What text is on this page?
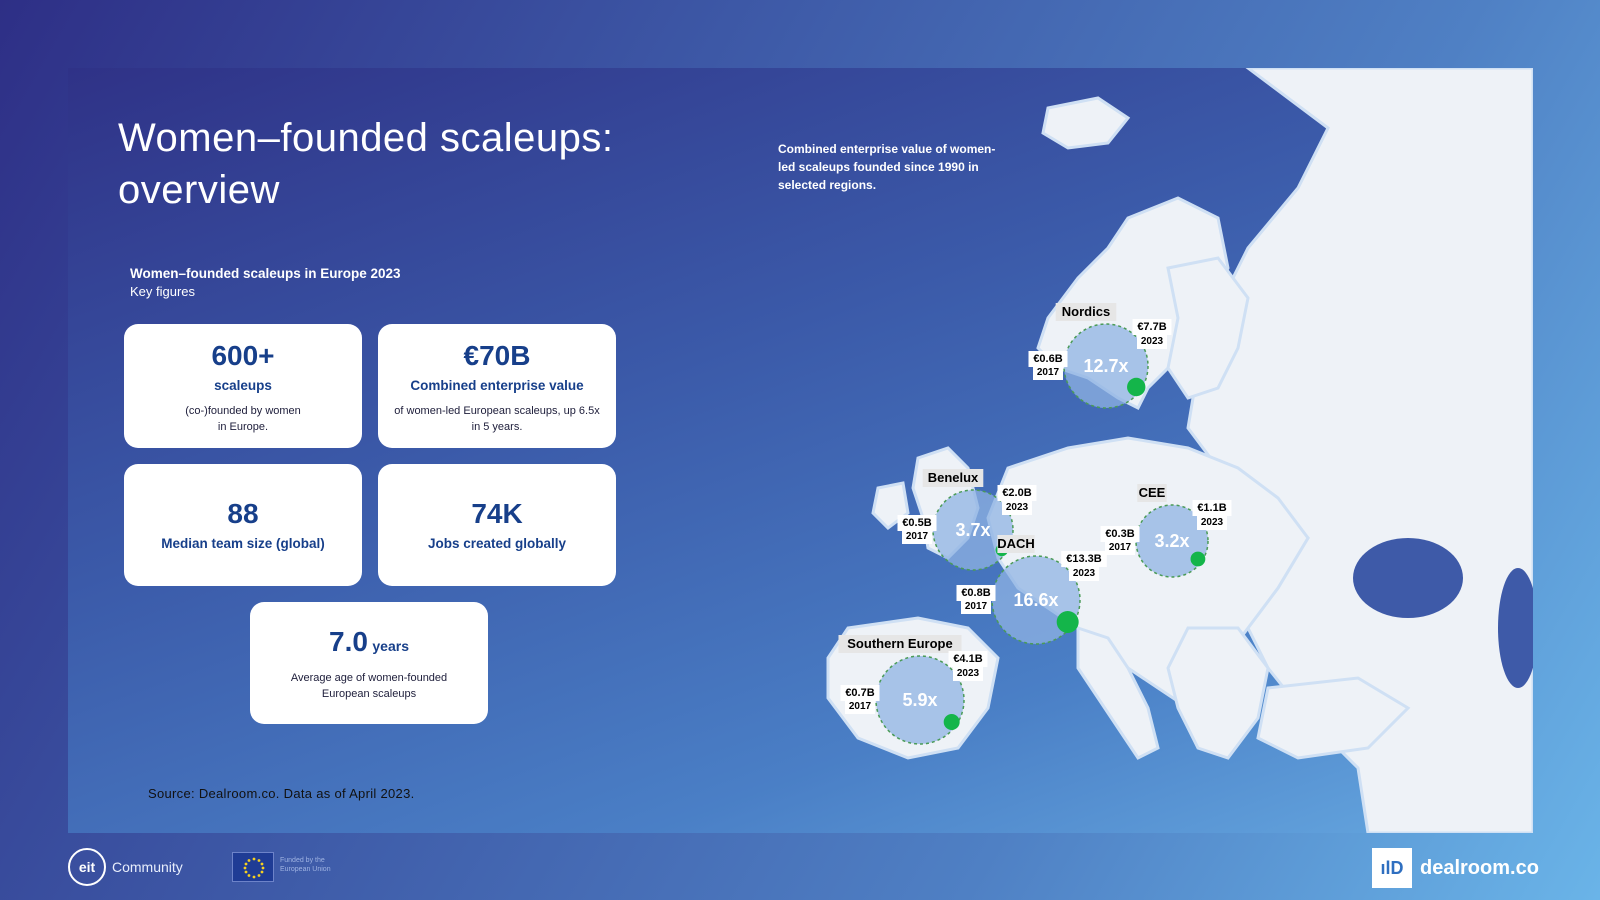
12.7x
Nordics
€0.6B
2017
€7.7B
2023
3.7x
Benelux
€0.5B
2017
€2.0B
2023
3.2x
CEE
€0.3B
2017
€1.1B
2023
16.6x
DACH
€0.8B
2017
€13.3B
2023
5.9x
Southern Europe
€0.7B
2017
€4.1B
2023
Women–founded scaleups: overview
Women–founded scaleups in Europe 2023
Key figures
600+
scaleups
(co-)founded by women in Europe.
€70B
Combined enterprise value
of women-led European scaleups, up 6.5x in 5 years.
88
Median team size (global)
74K
Jobs created globally
7.0 years
Average age of women-founded European scaleups
Source: Dealroom.co. Data as of April 2023.
Combined enterprise value of women-led scaleups founded since 1990 in selected regions.
eit	Community	Funded by the European Union	ılD dealroom.co
